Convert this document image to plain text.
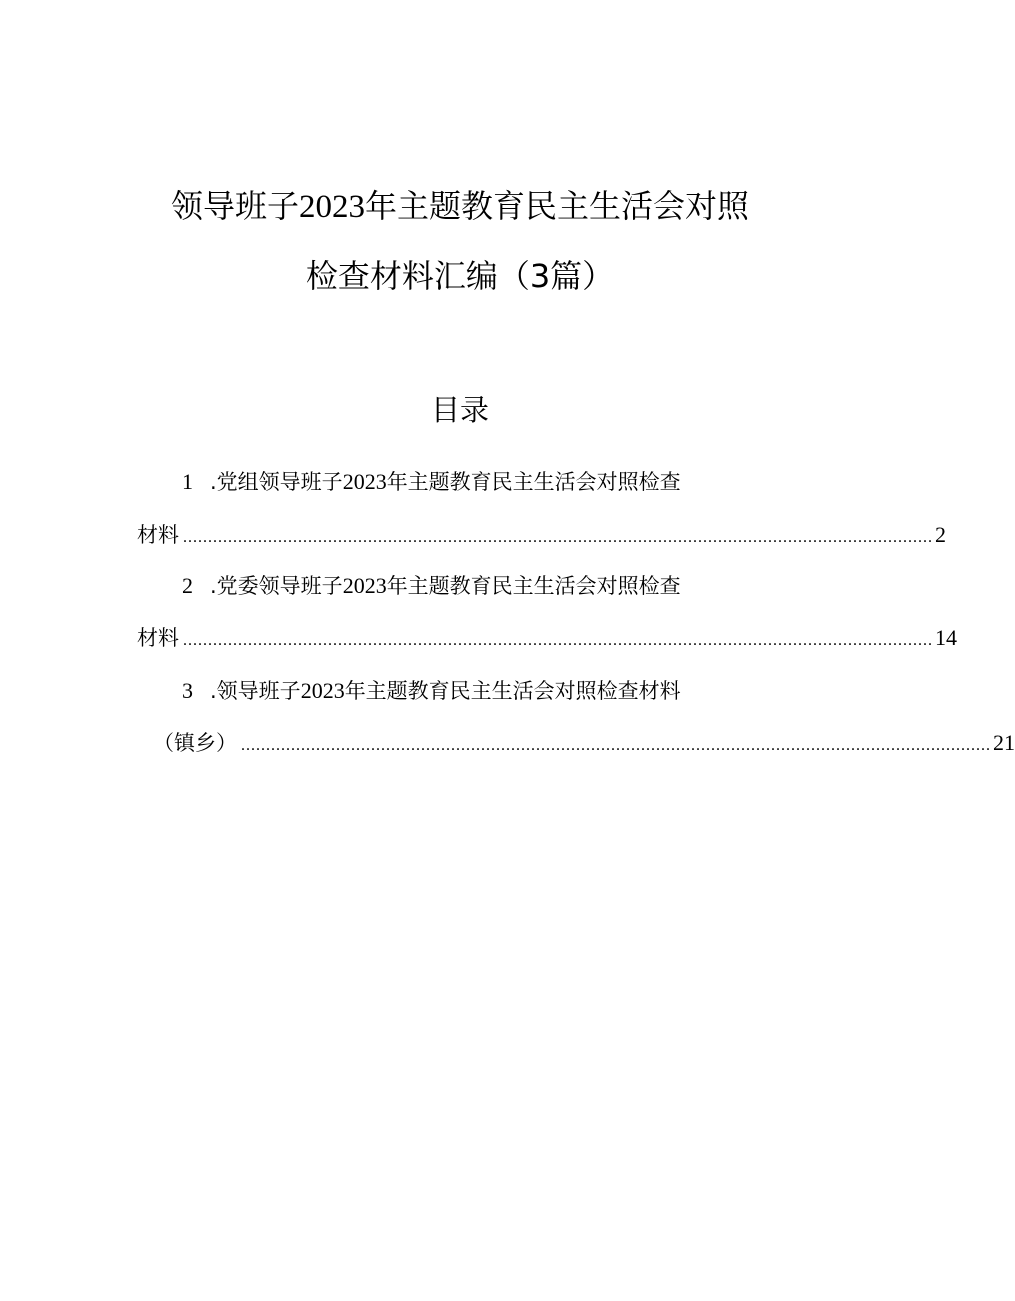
领导班子2023年主题教育民主生活会对照
检查材料汇编（3篇）
目录
1 .党组领导班子2023年主题教育民主生活会对照检查
材料 ...................................................................................................................................................... 2
2 .党委领导班子2023年主题教育民主生活会对照检查
材料 ...................................................................................................................................................... 14
3 .领导班子2023年主题教育民主生活会对照检查材料
（镇乡） ...................................................................................................................................................... 21
